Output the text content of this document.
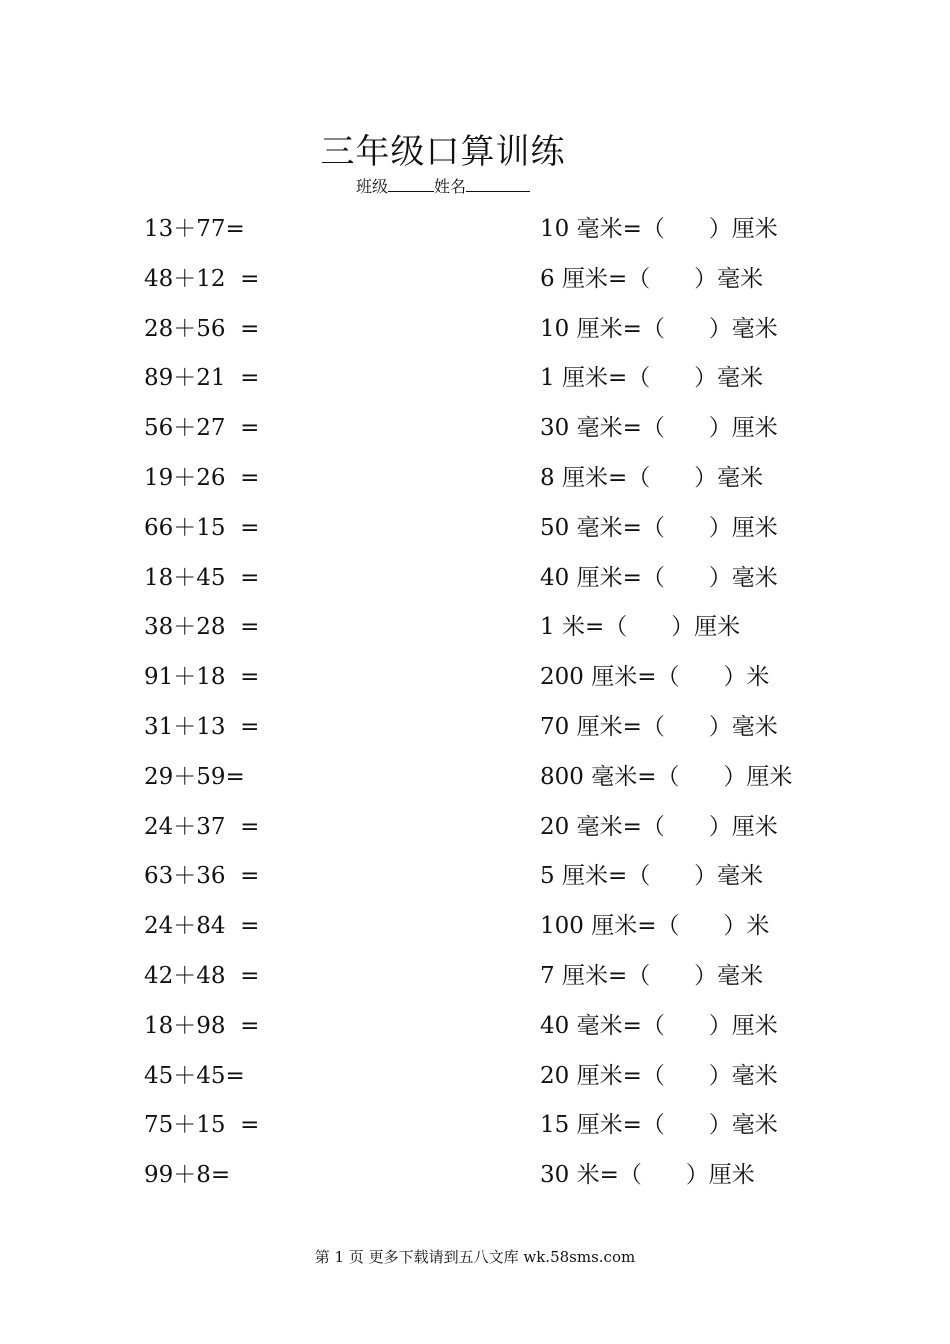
三年级口算训练
班级	姓名
13＋77=	10 毫米=（      ）厘米
48＋12  =	6 厘米=（      ）毫米
28＋56  =	10 厘米=（      ）毫米
89＋21  =	1 厘米=（      ）毫米
56＋27  =	30 毫米=（      ）厘米
19＋26  =	8 厘米=（      ）毫米
66＋15  =	50 毫米=（      ）厘米
18＋45  =	40 厘米=（      ）毫米
38＋28  =	1 米=（      ）厘米
91＋18  =	200 厘米=（      ）米
31＋13  =	70 厘米=（      ）毫米
29＋59=	800 毫米=（      ）厘米
24＋37  =	20 毫米=（      ）厘米
63＋36  =	5 厘米=（      ）毫米
24＋84  =	100 厘米=（      ）米
42＋48  =	7 厘米=（      ）毫米
18＋98  =	40 毫米=（      ）厘米
45＋45=	20 厘米=（      ）毫米
75＋15  =	15 厘米=（      ）毫米
99＋8=	30 米=（      ）厘米
第 1 页 更多下载请到五八文库 wk.58sms.com
